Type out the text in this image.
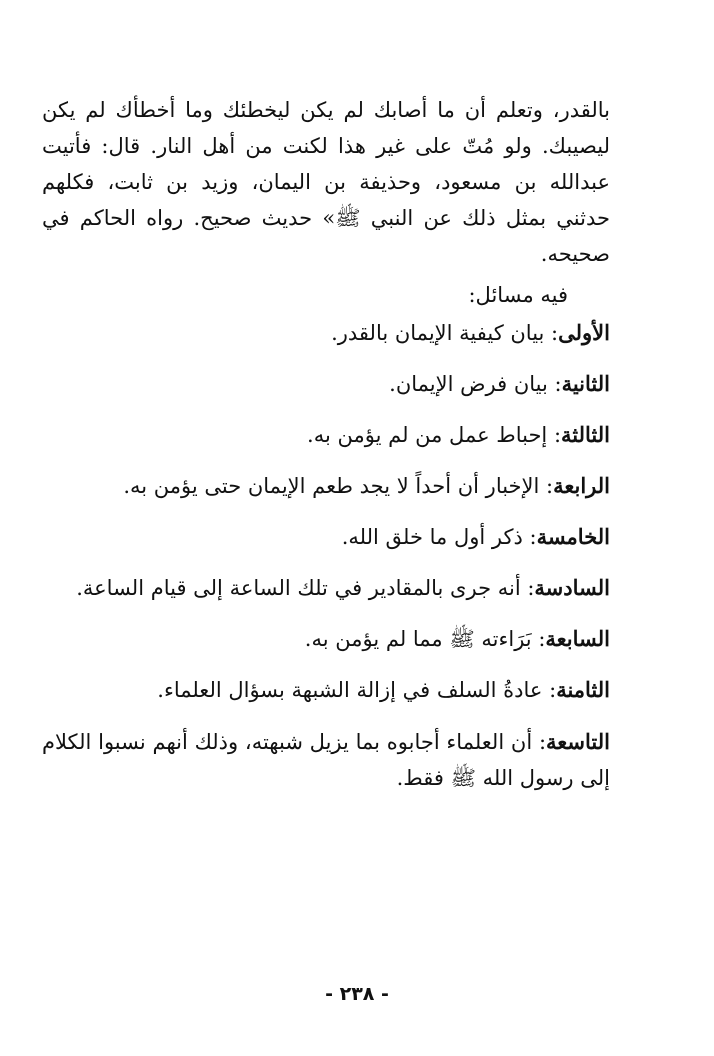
بالقدر، وتعلم أن ما أصابك لم يكن ليخطئك وما أخطأك لم يكن ليصيبك. ولو مُتّ على غير هذا لكنت من أهل النار. قال: فأتيت عبدالله بن مسعود، وحذيفة بن اليمان، وزيد بن ثابت، فكلهم حدثني بمثل ذلك عن النبي ﷺ» حديث صحيح. رواه الحاكم في صحيحه.

فيه مسائل:
الأولى: بيان كيفية الإيمان بالقدر.
الثانية: بيان فرض الإيمان.
الثالثة: إحباط عمل من لم يؤمن به.
الرابعة: الإخبار أن أحداً لا يجد طعم الإيمان حتى يؤمن به.
الخامسة: ذكر أول ما خلق الله.
السادسة: أنه جرى بالمقادير في تلك الساعة إلى قيام الساعة.
السابعة: بَرَاءته ﷺ مما لم يؤمن به.
الثامنة: عادةُ السلف في إزالة الشبهة بسؤال العلماء.
التاسعة: أن العلماء أجابوه بما يزيل شبهته، وذلك أنهم نسبوا الكلام إلى رسول الله ﷺ فقط.
- ٢٣٨ -
